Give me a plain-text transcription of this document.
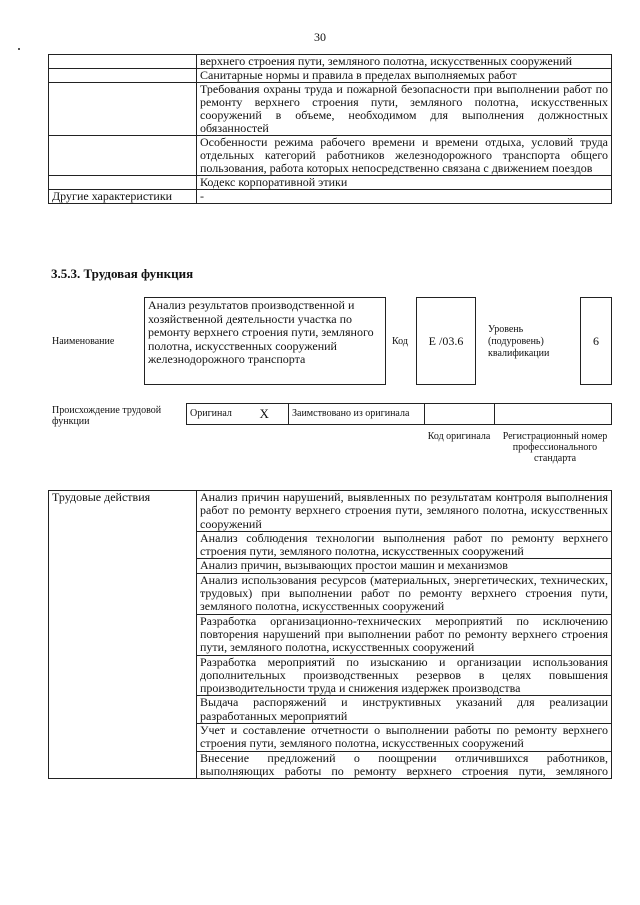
30
	верхнего строения пути, земляного полотна, искусственных сооружений
	Санитарные нормы и правила в пределах выполняемых работ
	Требования охраны труда и пожарной безопасности при выполнении работ по ремонту верхнего строения пути, земляного полотна, искусственных сооружений в объеме, необходимом для выполнения должностных обязанностей
	Особенности режима рабочего времени и времени отдыха, условий труда отдельных категорий работников железнодорожного транспорта общего пользования, работа которых непосредственно связана с движением поездов
	Кодекс корпоративной этики
Другие характеристики	-
3.5.3. Трудовая функция
Наименование
Анализ результатов производственной и хозяйственной деятельности участка по ремонту верхнего строения пути, земляного полотна, искусственных сооружений железнодорожного транспорта
Код Е /03.6
Уровень (подуровень) квалификации
6
Происхождение трудовой функции
Оригинал	X	Заимствовано из оригинала		
Код оригинала	Регистрационный номер профессионального стандарта
Трудовые действия	Анализ причин нарушений, выявленных по результатам контроля выполнения работ по ремонту верхнего строения пути, земляного полотна, искусственных сооружений
Анализ соблюдения технологии выполнения работ по ремонту верхнего строения пути, земляного полотна, искусственных сооружений
Анализ причин, вызывающих простои машин и механизмов
Анализ использования ресурсов (материальных, энергетических, технических, трудовых) при выполнении работ по ремонту верхнего строения пути, земляного полотна, искусственных сооружений
Разработка организационно-технических мероприятий по исключению повторения нарушений при выполнении работ по ремонту верхнего строения пути, земляного полотна, искусственных сооружений
Разработка мероприятий по изысканию и организации использования дополнительных производственных резервов в целях повышения производительности труда и снижения издержек производства
Выдача распоряжений и инструктивных указаний для реализации разработанных мероприятий
Учет и составление отчетности о выполнении работы по ремонту верхнего строения пути, земляного полотна, искусственных сооружений
Внесение предложений о поощрении отличившихся работников, выполняющих работы по ремонту верхнего строения пути, земляного
